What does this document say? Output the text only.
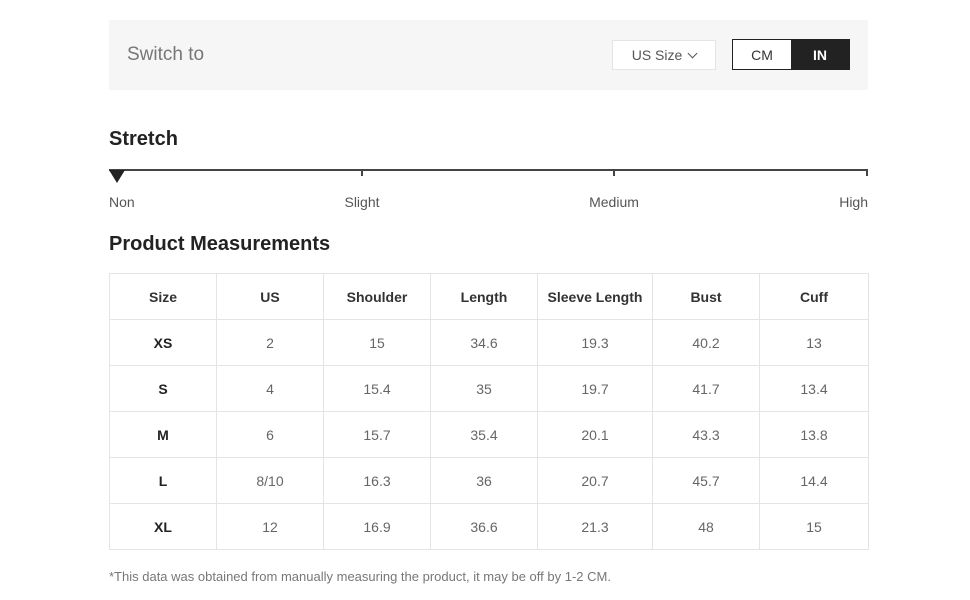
Switch to	US Size	CM	IN
Stretch
Non	Slight	Medium	High
Product Measurements
Size	US	Shoulder	Length	Sleeve Length	Bust	Cuff
XS	2	15	34.6	19.3	40.2	13
S	4	15.4	35	19.7	41.7	13.4
M	6	15.7	35.4	20.1	43.3	13.8
L	8/10	16.3	36	20.7	45.7	14.4
XL	12	16.9	36.6	21.3	48	15
*This data was obtained from manually measuring the product, it may be off by 1-2 CM.
